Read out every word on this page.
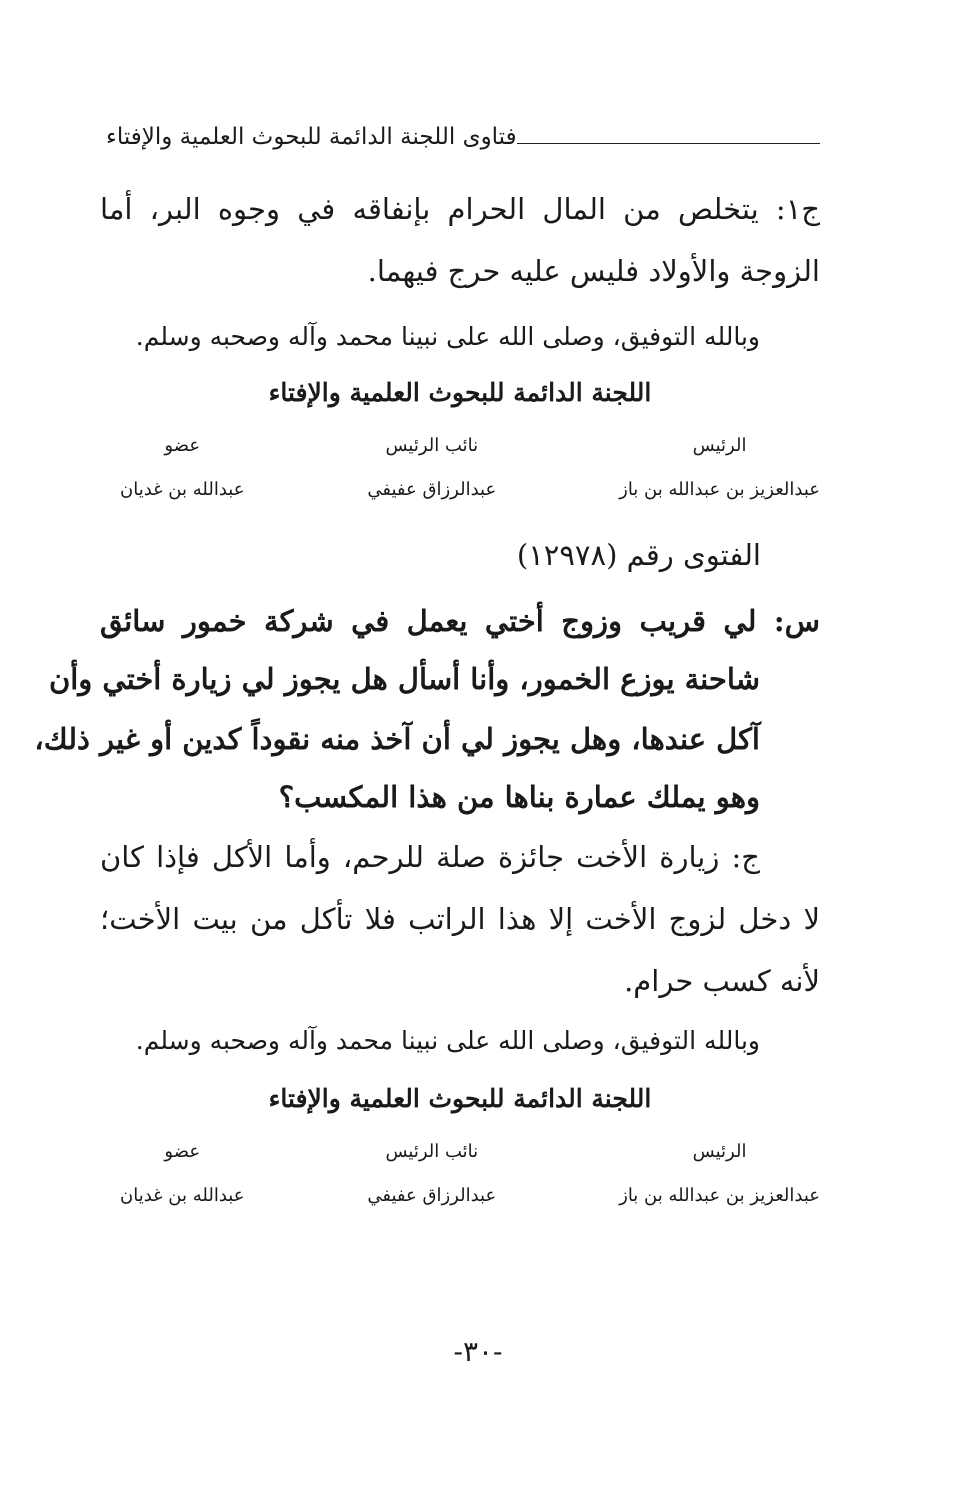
فتاوى اللجنة الدائمة للبحوث العلمية والإفتاء
ج١: يتخلص من المال الحرام بإنفاقه في وجوه البر، أما
الزوجة والأولاد فليس عليه حرج فيهما.
وبالله التوفيق، وصلى الله على نبينا محمد وآله وصحبه وسلم.
اللجنة الدائمة للبحوث العلمية والإفتاء
عضو
عبدالله بن غديان
نائب الرئيس
عبدالرزاق عفيفي
الرئيس
عبدالعزيز بن عبدالله بن باز
الفتوى رقم (١٢٩٧٨)
س: لي قريب وزوج أختي يعمل في شركة خمور سائق
شاحنة يوزع الخمور، وأنا أسأل هل يجوز لي زيارة أختي وأن
آكل عندها، وهل يجوز لي أن آخذ منه نقوداً كدين أو غير ذلك،
وهو يملك عمارة بناها من هذا المكسب؟
ج: زيارة الأخت جائزة صلة للرحم، وأما الأكل فإذا كان
لا دخل لزوج الأخت إلا هذا الراتب فلا تأكل من بيت الأخت؛
لأنه كسب حرام.
وبالله التوفيق، وصلى الله على نبينا محمد وآله وصحبه وسلم.
اللجنة الدائمة للبحوث العلمية والإفتاء
عضو
عبدالله بن غديان
نائب الرئيس
عبدالرزاق عفيفي
الرئيس
عبدالعزيز بن عبدالله بن باز
-٣٠-
